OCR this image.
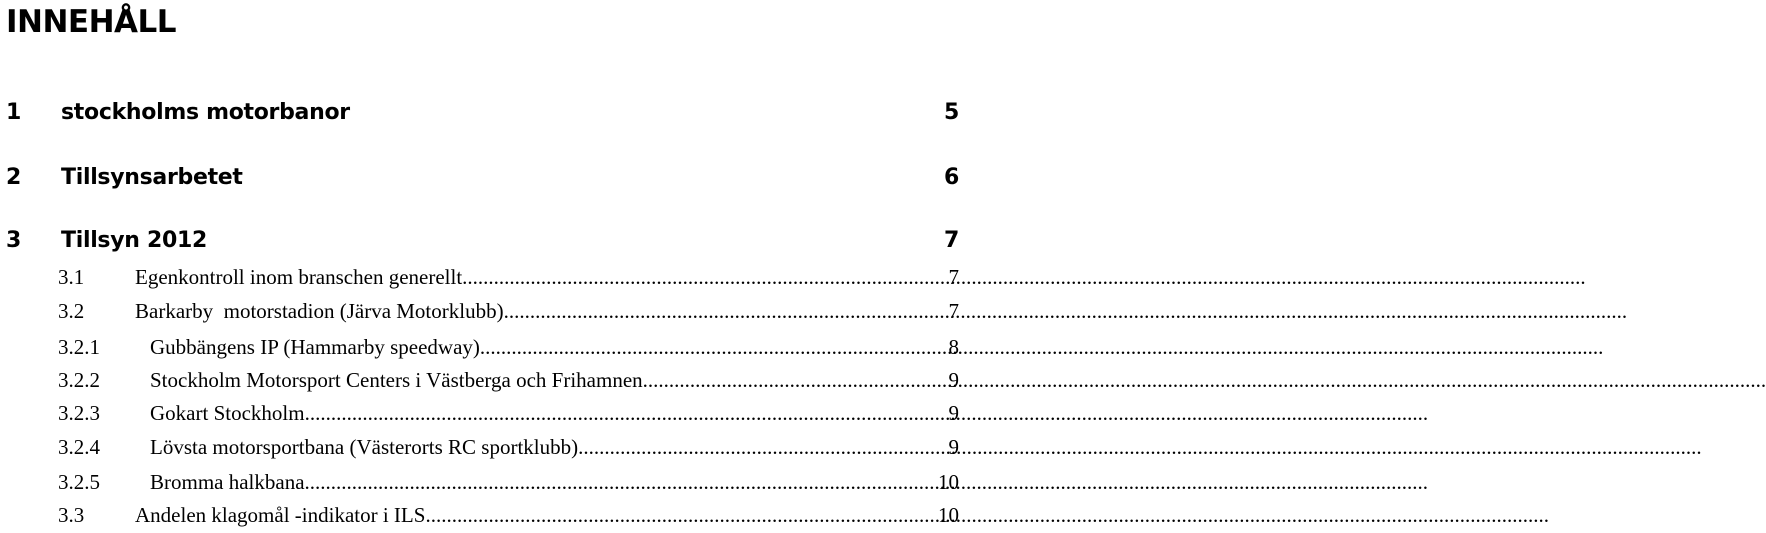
INNEHÅLL
1 stockholms motorbanor	5
2 Tillsynsarbetet	6
3 Tillsyn 2012	7
3.1	Egenkontroll inom branschen generellt .....	7
3.2	Barkarby  motorstadion (Järva Motorklubb) .....	7
3.2.1	Gubbängens IP (Hammarby speedway) .....	8
3.2.2	Stockholm Motorsport Centers i Västberga och Frihamnen .....	9
3.2.3	Gokart Stockholm .....	9
3.2.4	Lövsta motorsportbana (Västerorts RC sportklubb) .....	9
3.2.5	Bromma halkbana .....	10
3.3	Andelen klagomål -indikator i ILS .....	10
